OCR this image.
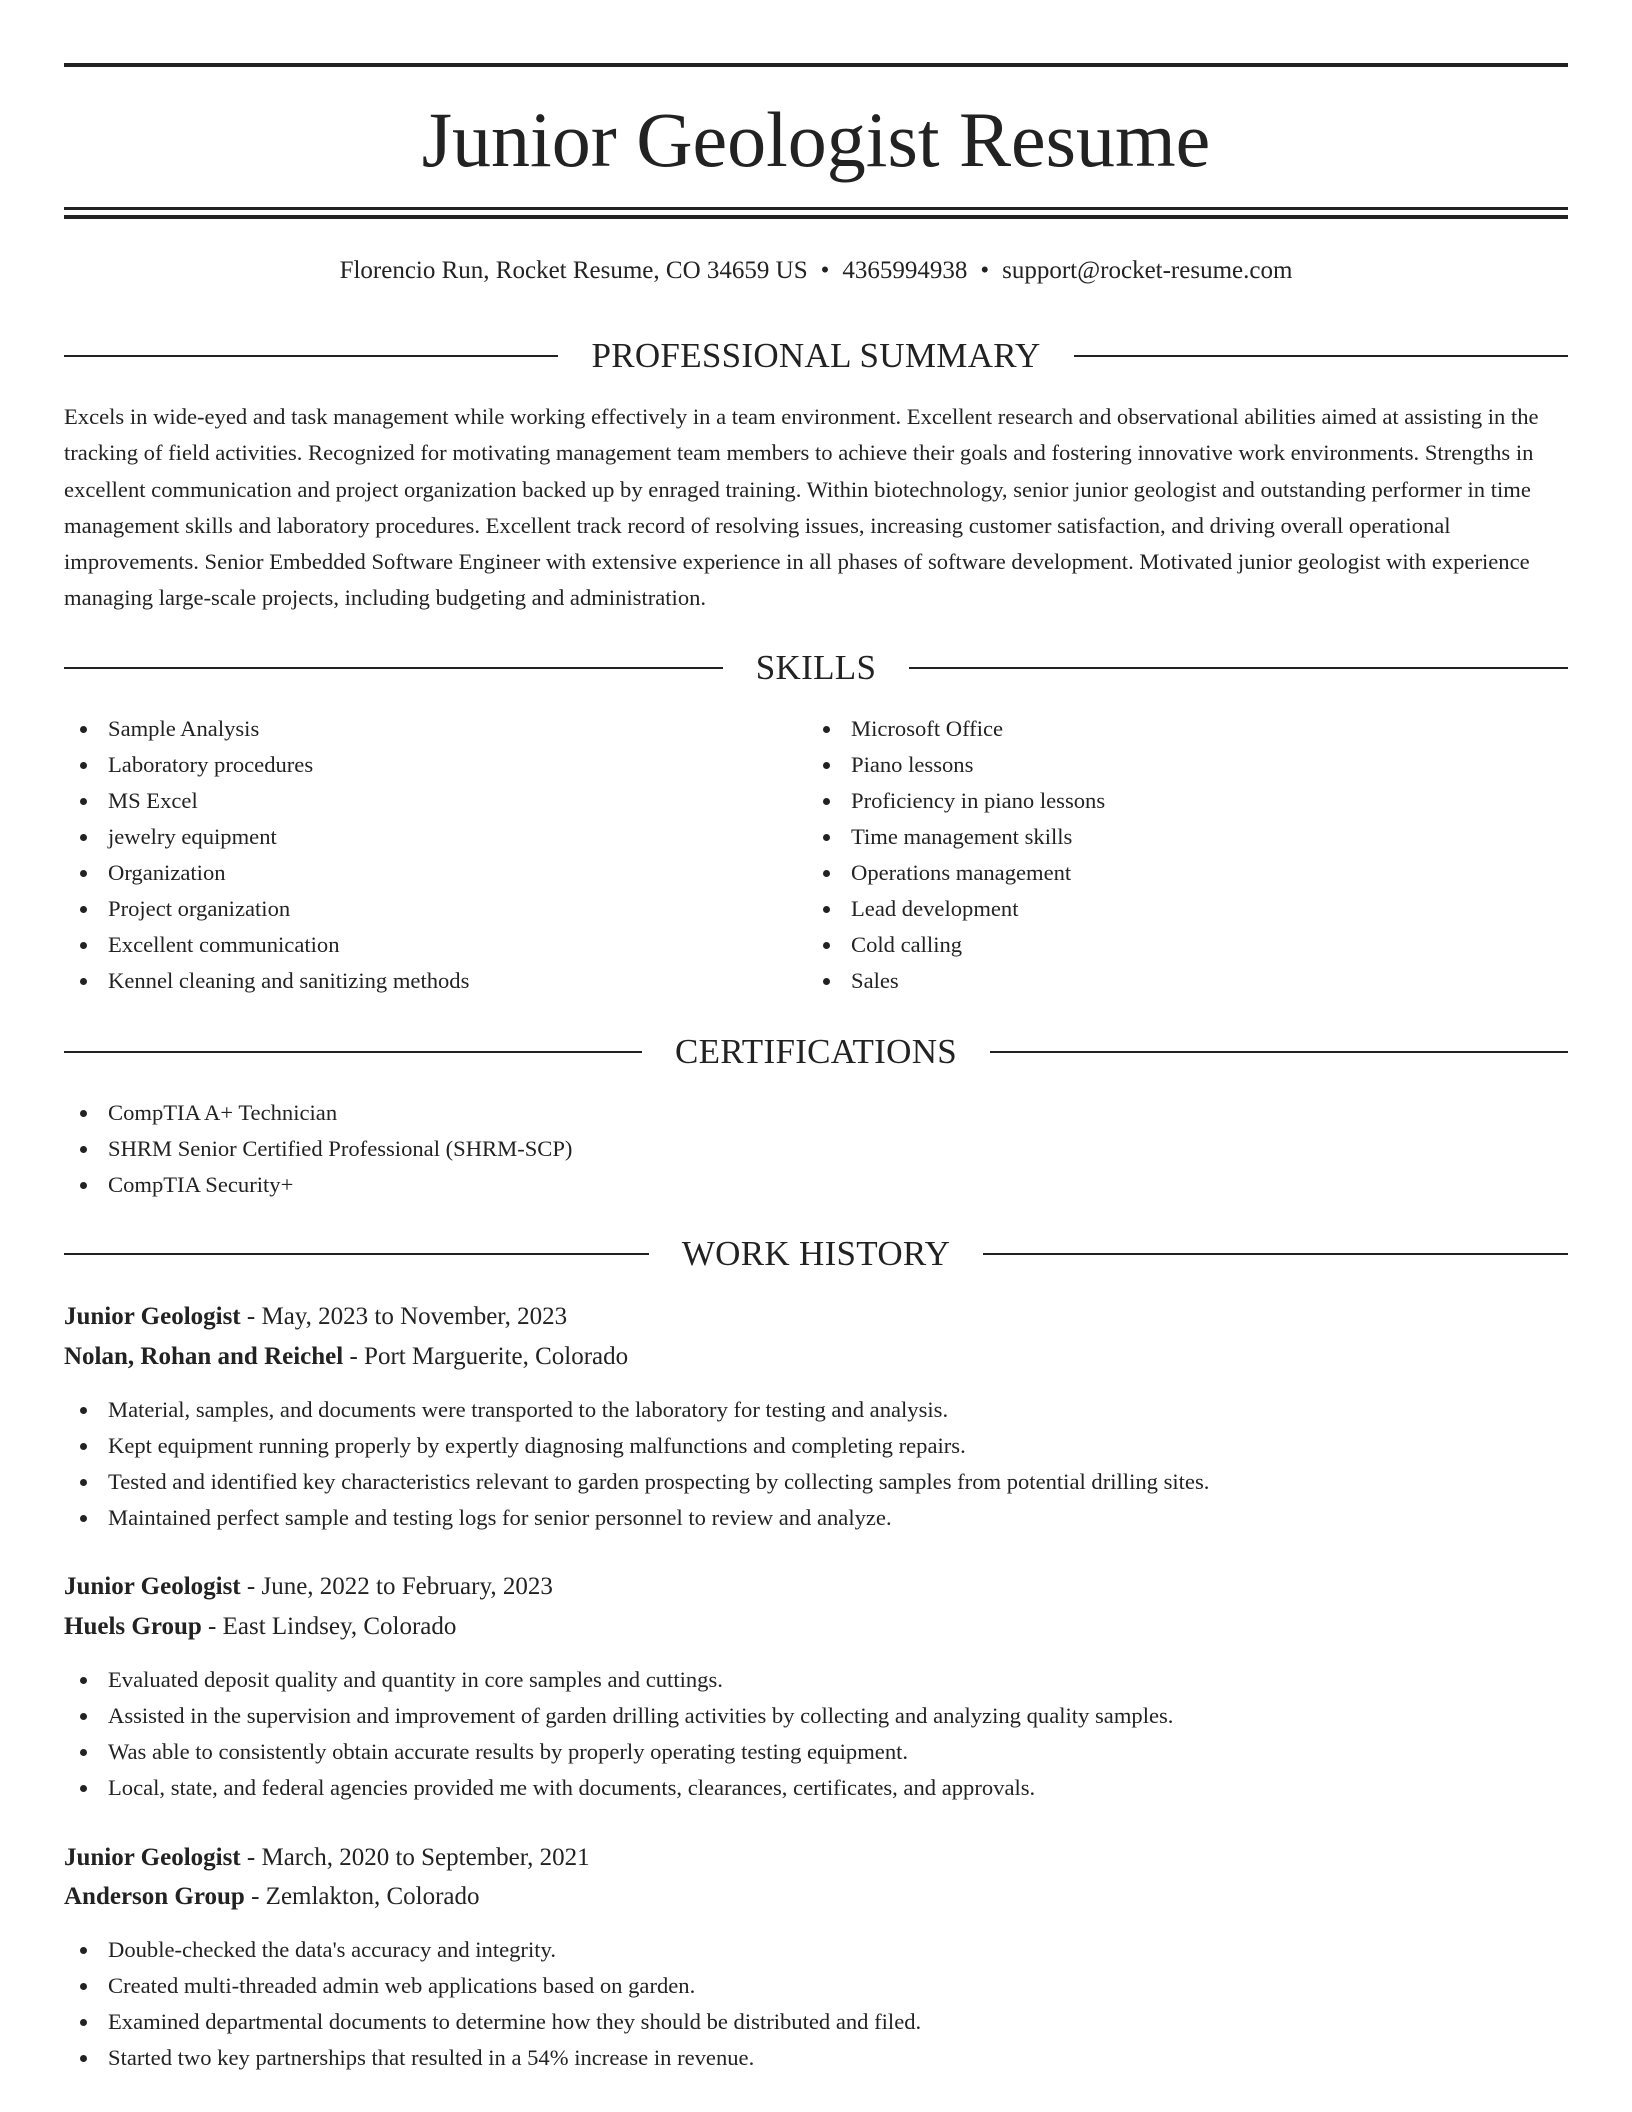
Junior Geologist Resume
Florencio Run, Rocket Resume, CO 34659 US • 4365994938 • support@rocket-resume.com
PROFESSIONAL SUMMARY

Excels in wide-eyed and task management while working effectively in a team environment. Excellent research and observational abilities aimed at assisting in the tracking of field activities. Recognized for motivating management team members to achieve their goals and fostering innovative work environments. Strengths in excellent communication and project organization backed up by enraged training. Within biotechnology, senior junior geologist and outstanding performer in time management skills and laboratory procedures. Excellent track record of resolving issues, increasing customer satisfaction, and driving overall operational improvements. Senior Embedded Software Engineer with extensive experience in all phases of software development. Motivated junior geologist with experience managing large-scale projects, including budgeting and administration.

SKILLS
Sample Analysis
Laboratory procedures
MS Excel
jewelry equipment
Organization
Project organization
Excellent communication
Kennel cleaning and sanitizing methods
Microsoft Office
Piano lessons
Proficiency in piano lessons
Time management skills
Operations management
Lead development
Cold calling
Sales
CERTIFICATIONS
CompTIA A+ Technician
SHRM Senior Certified Professional (SHRM-SCP)
CompTIA Security+
WORK HISTORY
Junior Geologist - May, 2023 to November, 2023
Nolan, Rohan and Reichel - Port Marguerite, Colorado
Material, samples, and documents were transported to the laboratory for testing and analysis.
Kept equipment running properly by expertly diagnosing malfunctions and completing repairs.
Tested and identified key characteristics relevant to garden prospecting by collecting samples from potential drilling sites.
Maintained perfect sample and testing logs for senior personnel to review and analyze.
Junior Geologist - June, 2022 to February, 2023
Huels Group - East Lindsey, Colorado
Evaluated deposit quality and quantity in core samples and cuttings.
Assisted in the supervision and improvement of garden drilling activities by collecting and analyzing quality samples.
Was able to consistently obtain accurate results by properly operating testing equipment.
Local, state, and federal agencies provided me with documents, clearances, certificates, and approvals.
Junior Geologist - March, 2020 to September, 2021
Anderson Group - Zemlakton, Colorado
Double-checked the data's accuracy and integrity.
Created multi-threaded admin web applications based on garden.
Examined departmental documents to determine how they should be distributed and filed.
Started two key partnerships that resulted in a 54% increase in revenue.
